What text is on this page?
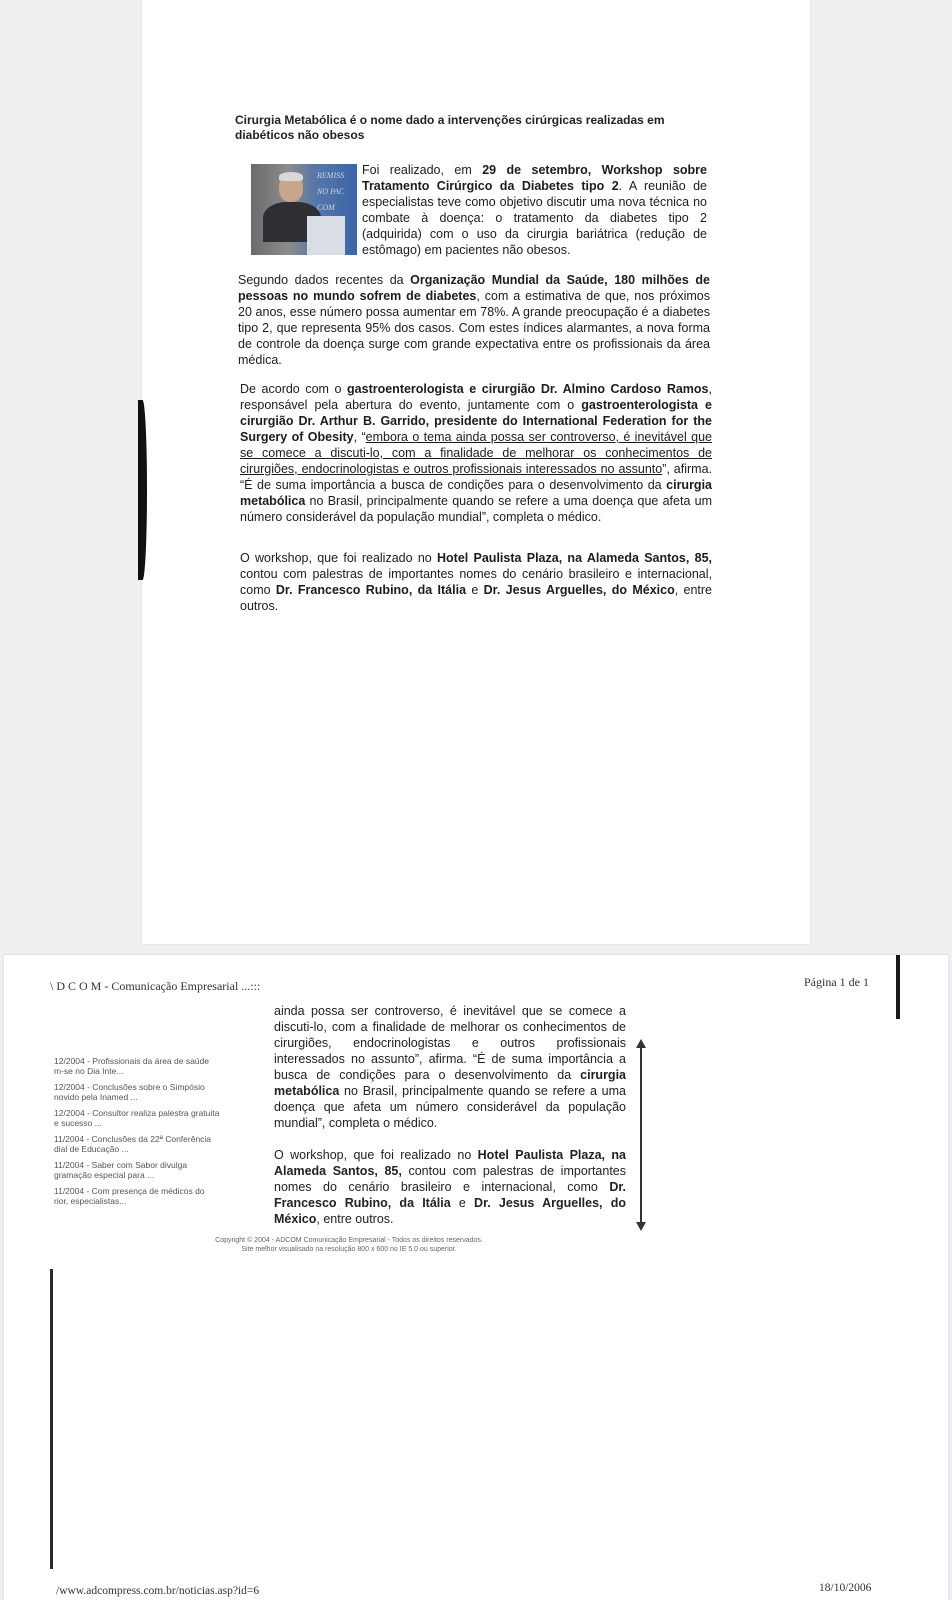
Cirurgia Metabólica é o nome dado a intervenções cirúrgicas realizadas em diabéticos não obesos
REMISS
NO PAC
COM
Foi realizado, em 29 de setembro, Workshop sobre Tratamento Cirúrgico da Diabetes tipo 2. A reunião de especialistas teve como objetivo discutir uma nova técnica no combate à doença: o tratamento da diabetes tipo 2 (adquirida) com o uso da cirurgia bariátrica (redução de estômago) em pacientes não obesos.
Segundo dados recentes da Organização Mundial da Saúde, 180 milhões de pessoas no mundo sofrem de diabetes, com a estimativa de que, nos próximos 20 anos, esse número possa aumentar em 78%. A grande preocupação é a diabetes tipo 2, que representa 95% dos casos. Com estes índices alarmantes, a nova forma de controle da doença surge com grande expectativa entre os profissionais da área médica.
De acordo com o gastroenterologista e cirurgião Dr. Almino Cardoso Ramos, responsável pela abertura do evento, juntamente com o gastroenterologista e cirurgião Dr. Arthur B. Garrido, presidente do International Federation for the Surgery of Obesity, “embora o tema ainda possa ser controverso, é inevitável que se comece a discuti-lo, com a finalidade de melhorar os conhecimentos de cirurgiões, endocrinologistas e outros profissionais interessados no assunto”, afirma. “É de suma importância a busca de condições para o desenvolvimento da cirurgia metabólica no Brasil, principalmente quando se refere a uma doença que afeta um número considerável da população mundial”, completa o médico.
O workshop, que foi realizado no Hotel Paulista Plaza, na Alameda Santos, 85, contou com palestras de importantes nomes do cenário brasileiro e internacional, como Dr. Francesco Rubino, da Itália e Dr. Jesus Arguelles, do México, entre outros.
\ D C O M - Comunicação Empresarial ...:::	Página 1 de 1
12/2004 - Profissionais da área de saúde
m-se no Dia Inte...
12/2004 - Conclusões sobre o Simpósio
novido pela Inamed ...
12/2004 - Consultor realiza palestra gratuita
e sucesso ...
11/2004 - Conclusões da 22ª Conferência
dial de Educação ...
11/2004 - Saber com Sabor divulga
gramação especial para ...
11/2004 - Com presença de médicos do
rior, especialistas...

ainda possa ser controverso, é inevitável que se comece a discuti-lo, com a finalidade de melhorar os conhecimentos de cirurgiões, endocrinologistas e outros profissionais interessados no assunto”, afirma. “É de suma importância a busca de condições para o desenvolvimento da cirurgia metabólica no Brasil, principalmente quando se refere a uma doença que afeta um número considerável da população mundial”, completa o médico.

O workshop, que foi realizado no Hotel Paulista Plaza, na Alameda Santos, 85, contou com palestras de importantes nomes do cenário brasileiro e internacional, como Dr. Francesco Rubino, da Itália e Dr. Jesus Arguelles, do México, entre outros.

Copyright © 2004 - ADCOM Comunicação Empresarial - Todos os direitos reservados.
Site melhor visualisado na resolução 800 x 600 no IE 5.0 ou superior.
/www.adcompress.com.br/noticias.asp?id=6	18/10/2006
